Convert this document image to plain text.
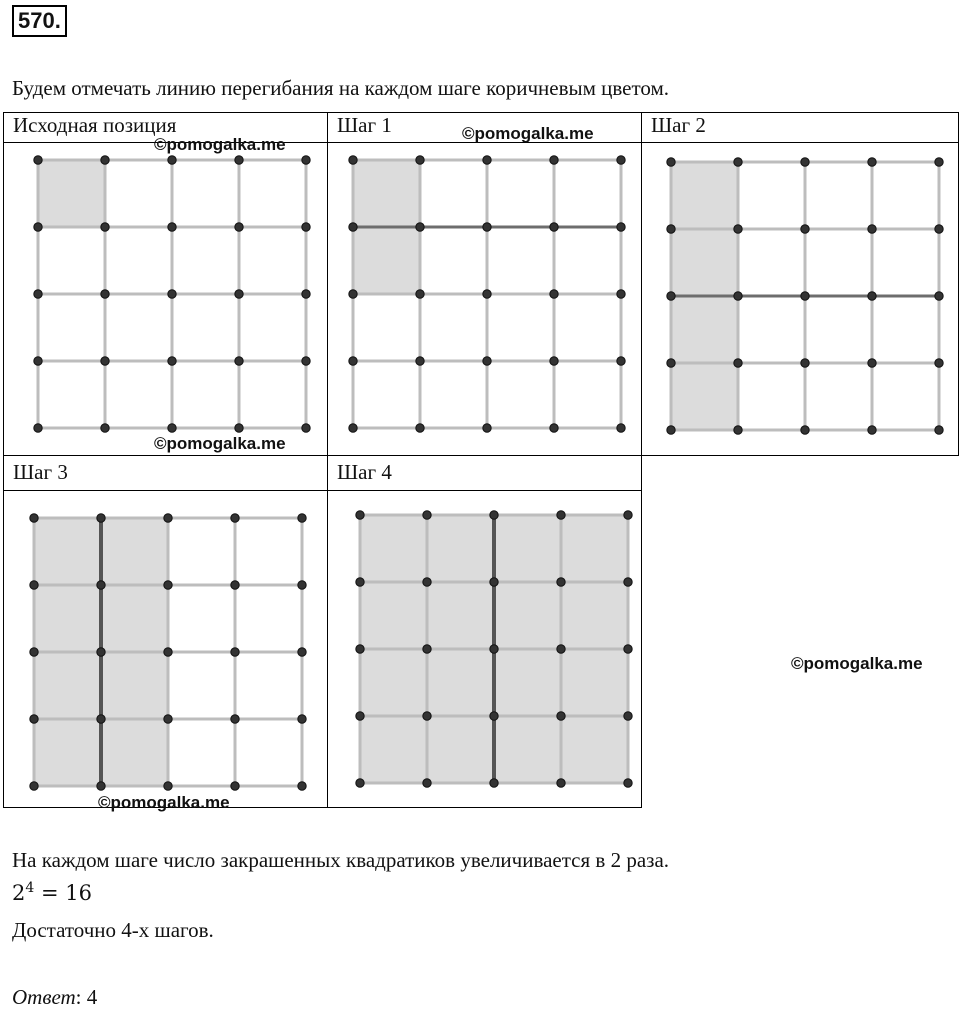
570.
Будем отмечать линию перегибания на каждом шаге коричневым цветом.
Исходная позиция	Шаг 1	Шаг 2
Шаг 3	Шаг 4
©pomogalka.me
©pomogalka.me
©pomogalka.me
©pomogalka.me
©pomogalka.me
На каждом шаге число закрашенных квадратиков увеличивается в 2 раза.
$2^4 = 16$
Достаточно 4-х шагов.
Ответ: 4
